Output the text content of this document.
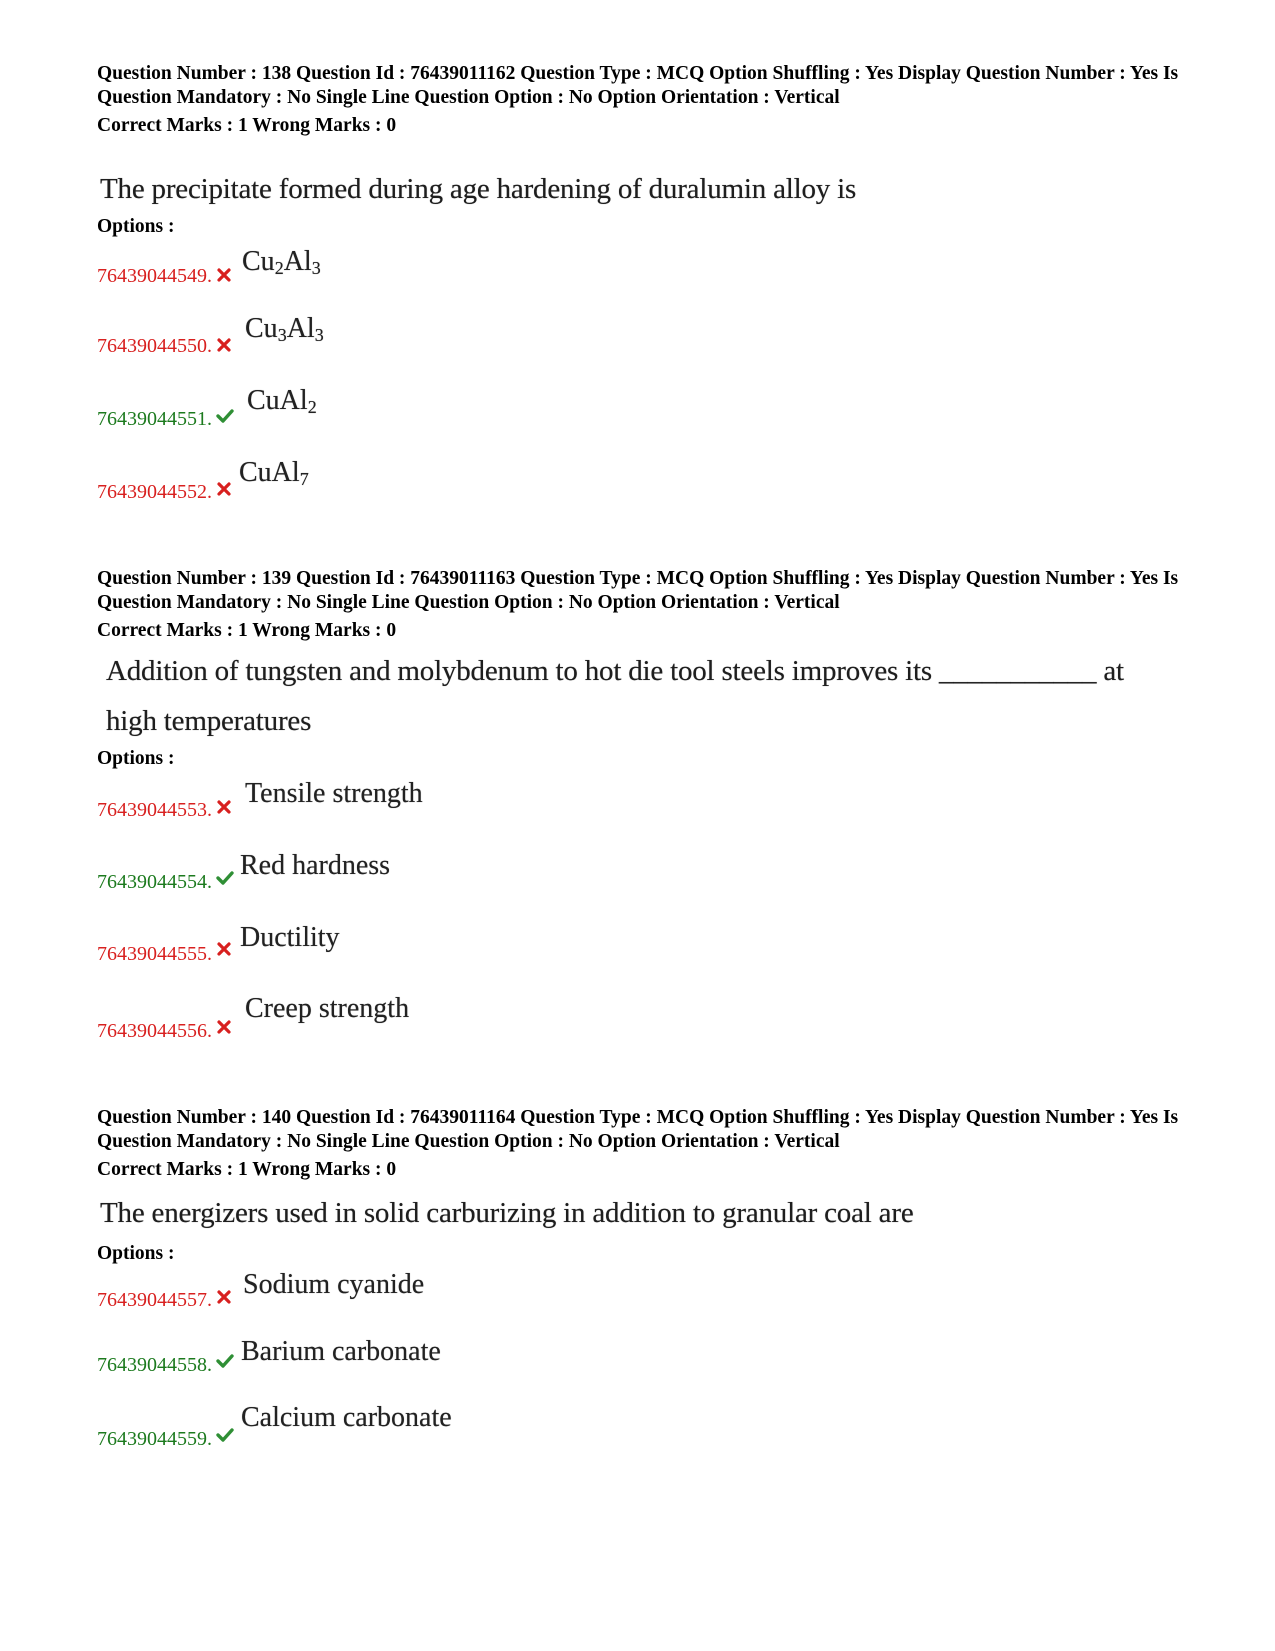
Question Number : 138 Question Id : 76439011162 Question Type : MCQ Option Shuffling : Yes Display Question Number : Yes Is Question Mandatory : No Single Line Question Option : No Option Orientation : Vertical

Correct Marks : 1 Wrong Marks : 0
The precipitate formed during age hardening of duralumin alloy is
Options :
76439044549. $Cu_2Al_3$
76439044550.
$Cu_3Al_3$
76439044551.
CuAl$_2$
76439044552.
CuAl$_7$

Question Number : 139 Question Id : 76439011163 Question Type : MCQ Option Shuffling : Yes Display Question Number : Yes Is Question Mandatory : No Single Line Question Option : No Option Orientation : Vertical

Correct Marks : 1 Wrong Marks : 0
Addition of tungsten and molybdenum to hot die tool steels improves its ___________ at
high temperatures
Options :
76439044553.
Tensile strength
76439044554.
Red hardness
76439044555.
Ductility
76439044556.
Creep strength

Question Number : 140 Question Id : 76439011164 Question Type : MCQ Option Shuffling : Yes Display Question Number : Yes Is Question Mandatory : No Single Line Question Option : No Option Orientation : Vertical

Correct Marks : 1 Wrong Marks : 0
The energizers used in solid carburizing in addition to granular coal are
Options :
76439044557. Sodium cyanide
76439044558. Barium carbonate
76439044559.
Calcium carbonate
